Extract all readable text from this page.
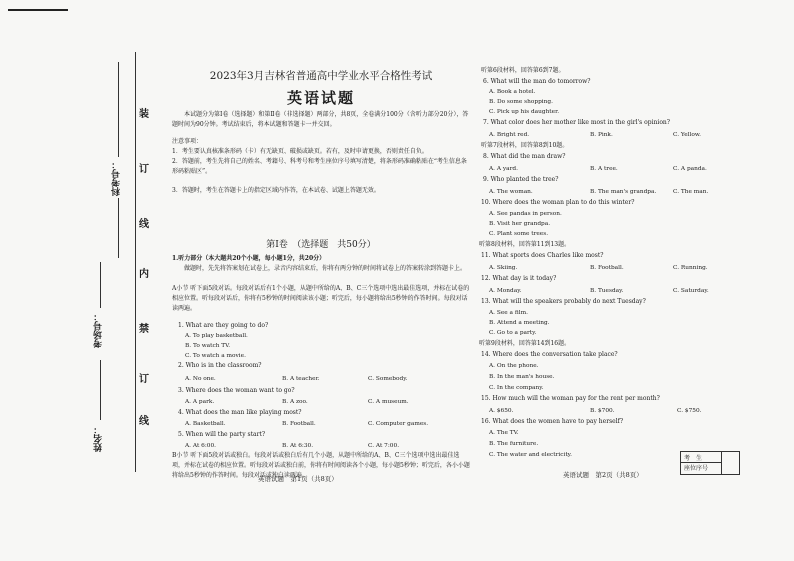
装
订
线
内
禁
订
线
科考号：
考场号：
姓名：
2023年3月吉林省普通高中学业水平合格性考试
英语试题
本试题分为第Ⅰ卷（选择题）和第Ⅱ卷（非选择题）两部分，共8页，全卷满分100分（含听力部分20分），答题时间为90分钟。考试结束后，将本试题和答题卡一并交回。
注意事项：
1．考生要认真核准条形码（卡）有无缺页、破损或缺页。若有，及时申请更换，否则责任自负。
2．答题前，考生先将自己的姓名、考籍号、科考号和考生座位序号填写清楚，将条形码准确粘贴在“考生信息条形码粘贴区”。
3．答题时，考生在答题卡上的指定区域内作答，在本试卷、试题上答题无效。
第Ⅰ卷　（选择题　共50分）
1.听力部分（本大题共20个小题，每小题1分，共20分）
做题时，先先将答案划在试卷上，录音内容结束后，你将有两分钟的时间将试卷上的答案转涂到答题卡上。
A小节 听下面5段对话。每段对话后有1个小题，从题中所给的A、B、C三个选项中选出最佳选项，并标在试卷的相应位置。听每段对话后，你将有5秒钟的时间阅读该小题；听完后，每小题将给出5秒钟的作答时间。每段对话读两遍。
1. What are they going to do?
A. To play basketball.
B. To watch TV.
C. To watch a movie.
2. Who is in the classroom?
A. No one.	B. A teacher.	C. Somebody.
3. Where does the woman want to go?
A. A park.	B. A zoo.	C. A museum.
4. What does the man like playing most?
A. Basketball.	B. Football.	C. Computer games.
5. When will the party start?
A. At 6:00.	B. At 6:30.	C. At 7:00.
B小节 听下面5段对话或独白。每段对话或独白后有几个小题，从题中所给的A、B、C三个选项中选出最佳选项，并标在试卷的相应位置。听每段对话或独白前，你将有时间阅读各个小题，每小题5秒钟；听完后，各小小题将给出5秒钟的作答时间。每段对话或独白读两遍。
英语试题　第1页（共8页）
听第6段材料，回答第6到7题。
6. What will the man do tomorrow?
A. Book a hotel.
B. Do some shopping.
C. Pick up his daughter.
7. What color does her mother like most in the girl's opinion?
A. Bright red.	B. Pink.	C. Yellow.
听第7段材料，回答第8到10题。
8. What did the man draw?
A. A yard.	B. A tree.	C. A panda.
9. Who planted the tree?
A. The woman.	B. The man's grandpa.	C. The man.
10. Where does the woman plan to do this winter?
A. See pandas in person.
B. Visit her grandpa.
C. Plant some trees.
听第8段材料，回答第11到13题。
11. What sports does Charles like most?
A. Skiing.	B. Football.	C. Running.
12. What day is it today?
A. Monday.	B. Tuesday.	C. Saturday.
13. What will the speakers probably do next Tuesday?
A. See a film.
B. Attend a meeting.
C. Go to a party.
听第9段材料，回答第14到16题。
14. Where does the conversation take place?
A. On the phone.
B. In the man's house.
C. In the company.
15. How much will the woman pay for the rent per month?
A. $650.	B. $700.	C. $750.
16. What does the women have to pay herself?
A. The TV.
B. The furniture.
C. The water and electricity.
英语试题　第2页（共8页）
考　生
座位序号
